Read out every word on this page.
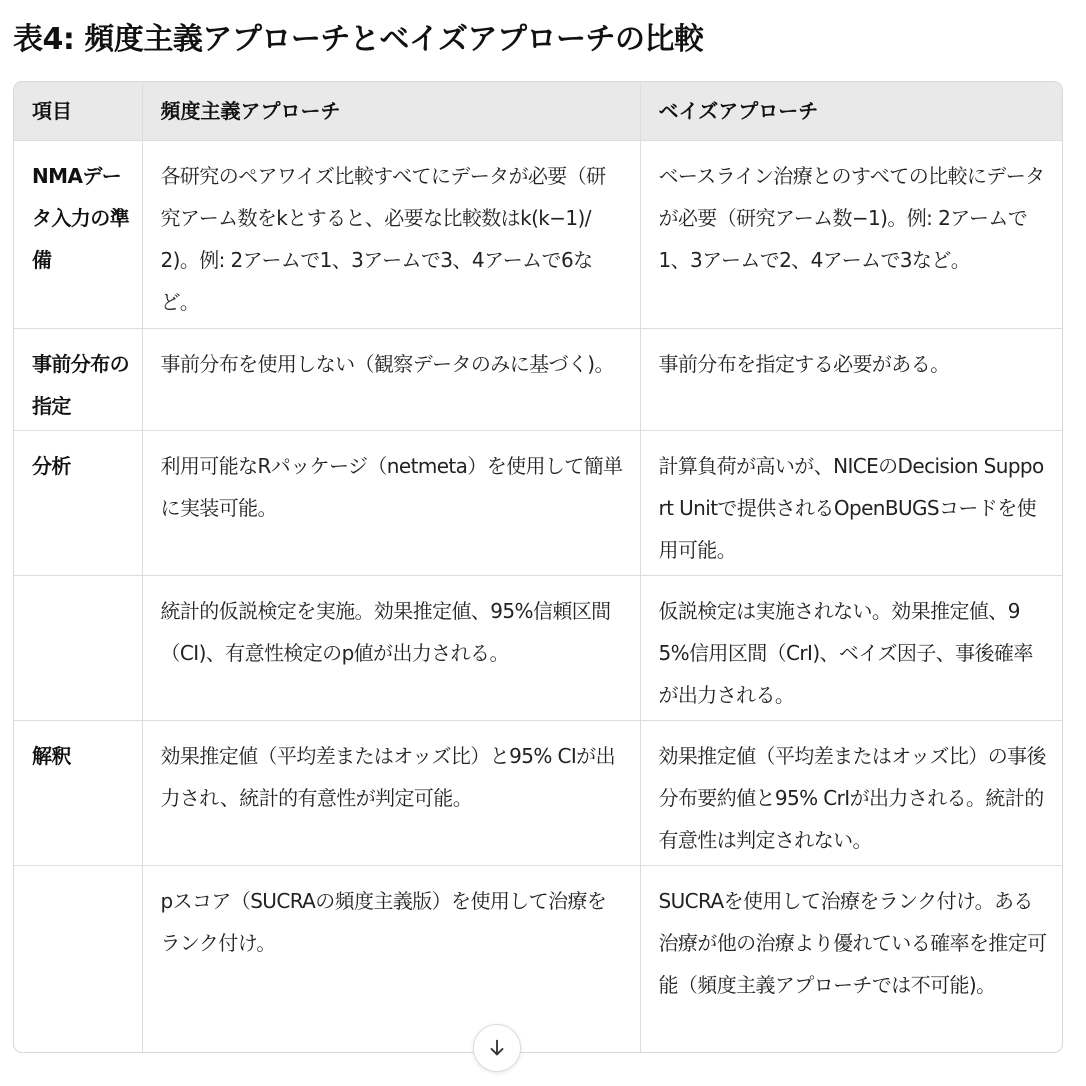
表4: 頻度主義アプローチとベイズアプローチの比較
項目	頻度主義アプローチ	ベイズアプローチ
NMAデータ入力の準備	各研究のペアワイズ比較すべてにデータが必要（研究アーム数をkとすると、必要な比較数はk(k−1)/2)。例: 2アームで1、3アームで3、4アームで6など。	ベースライン治療とのすべての比較にデータが必要（研究アーム数−1)。例: 2アームで1、3アームで2、4アームで3など。
事前分布の指定	事前分布を使用しない（観察データのみに基づく)。	事前分布を指定する必要がある。
分析	利用可能なRパッケージ（netmeta）を使用して簡単に実装可能。	計算負荷が高いが、NICEのDecision Support Unitで提供されるOpenBUGSコードを使用可能。
	統計的仮説検定を実施。効果推定値、95%信頼区間（CI)、有意性検定のp値が出力される。	仮説検定は実施されない。効果推定値、95%信用区間（CrI)、ベイズ因子、事後確率が出力される。
解釈	効果推定値（平均差またはオッズ比）と95% CIが出力され、統計的有意性が判定可能。	効果推定値（平均差またはオッズ比）の事後分布要約値と95% CrIが出力される。統計的有意性は判定されない。
	pスコア（SUCRAの頻度主義版）を使用して治療をランク付け。	SUCRAを使用して治療をランク付け。ある治療が他の治療より優れている確率を推定可能（頻度主義アプローチでは不可能)。
